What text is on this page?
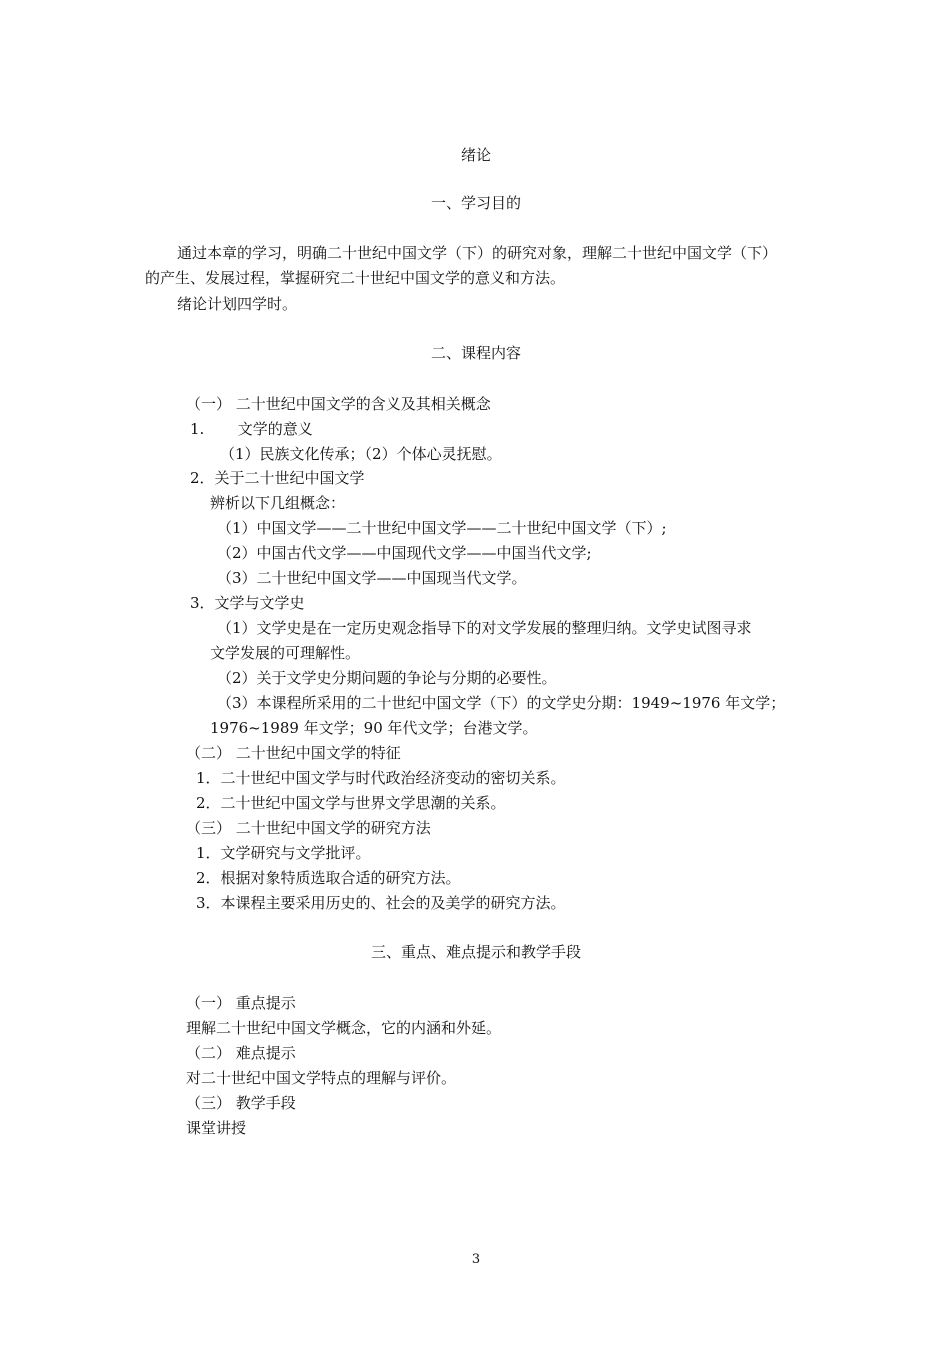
绪论
一、学习目的
通过本章的学习，明确二十世纪中国文学（下）的研究对象，理解二十世纪中国文学（下）
的产生、发展过程，掌握研究二十世纪中国文学的意义和方法。
绪论计划四学时。
二、课程内容
（一） 二十世纪中国文学的含义及其相关概念
1.       文学的意义
（1）民族文化传承；（2）个体心灵抚慰。
2．关于二十世纪中国文学
辨析以下几组概念：
（1）中国文学——二十世纪中国文学——二十世纪中国文学（下）;
（2）中国古代文学——中国现代文学——中国当代文学;
（3）二十世纪中国文学——中国现当代文学。
3．文学与文学史
（1）文学史是在一定历史观念指导下的对文学发展的整理归纳。文学史试图寻求
文学发展的可理解性。
（2）关于文学史分期问题的争论与分期的必要性。
（3）本课程所采用的二十世纪中国文学（下）的文学史分期：1949~1976 年文学；
1976~1989 年文学；90 年代文学；台港文学。
（二） 二十世纪中国文学的特征
1．二十世纪中国文学与时代政治经济变动的密切关系。
2．二十世纪中国文学与世界文学思潮的关系。
（三） 二十世纪中国文学的研究方法
1．文学研究与文学批评。
2．根据对象特质选取合适的研究方法。
3．本课程主要采用历史的、社会的及美学的研究方法。
三、重点、难点提示和教学手段
（一） 重点提示
理解二十世纪中国文学概念，它的内涵和外延。
（二） 难点提示
对二十世纪中国文学特点的理解与评价。
（三） 教学手段
课堂讲授
3
